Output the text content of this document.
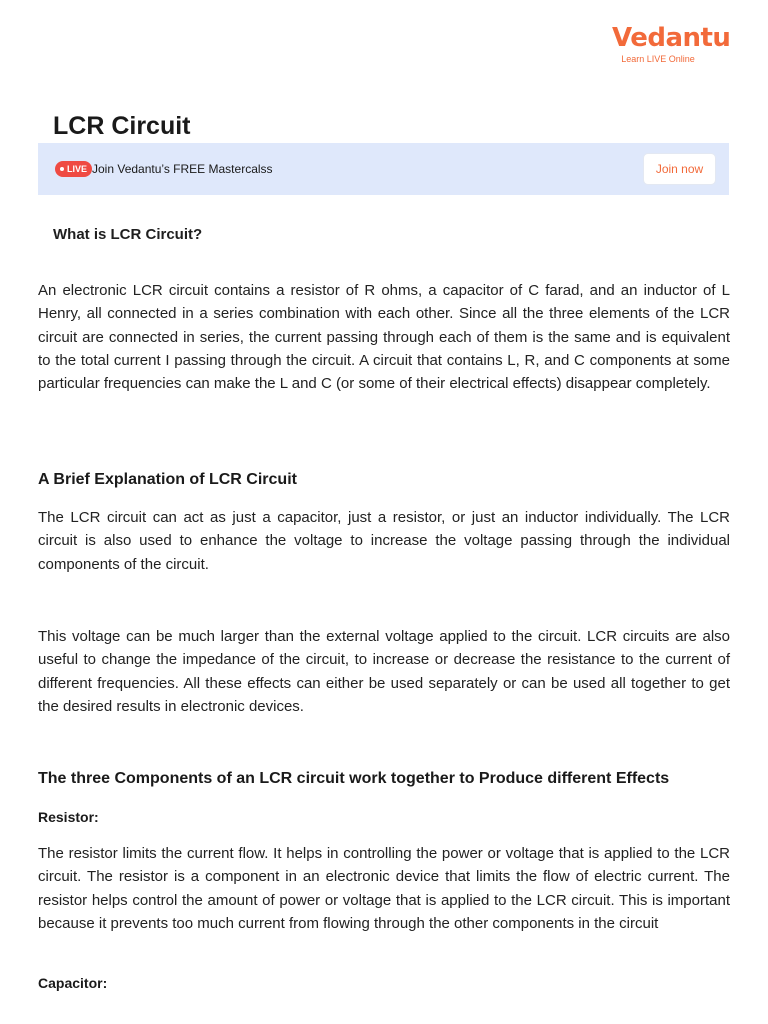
Vedantu
Learn LIVE Online
LCR Circuit
LIVE Join Vedantu’s FREE Mastercalss	Join now
What is LCR Circuit?

An electronic LCR circuit contains a resistor of R ohms, a capacitor of C farad, and an inductor of L Henry, all connected in a series combination with each other. Since all the three elements of the LCR circuit are connected in series, the current passing through each of them is the same and is equivalent to the total current I passing through the circuit. A circuit that contains L, R, and C components at some particular frequencies can make the L and C (or some of their electrical effects) disappear completely.

A Brief Explanation of LCR Circuit

The LCR circuit can act as just a capacitor, just a resistor, or just an inductor individually. The LCR circuit is also used to enhance the voltage to increase the voltage passing through the individual components of the circuit.

This voltage can be much larger than the external voltage applied to the circuit. LCR circuits are also useful to change the impedance of the circuit, to increase or decrease the resistance to the current of different frequencies. All these effects can either be used separately or can be used all together to get the desired results in electronic devices.

The three Components of an LCR circuit work together to Produce different Effects
Resistor:

The resistor limits the current flow. It helps in controlling the power or voltage that is applied to the LCR circuit. The resistor is a component in an electronic device that limits the flow of electric current. The resistor helps control the amount of power or voltage that is applied to the LCR circuit. This is important because it prevents too much current from flowing through the other components in the circuit

Capacitor:
